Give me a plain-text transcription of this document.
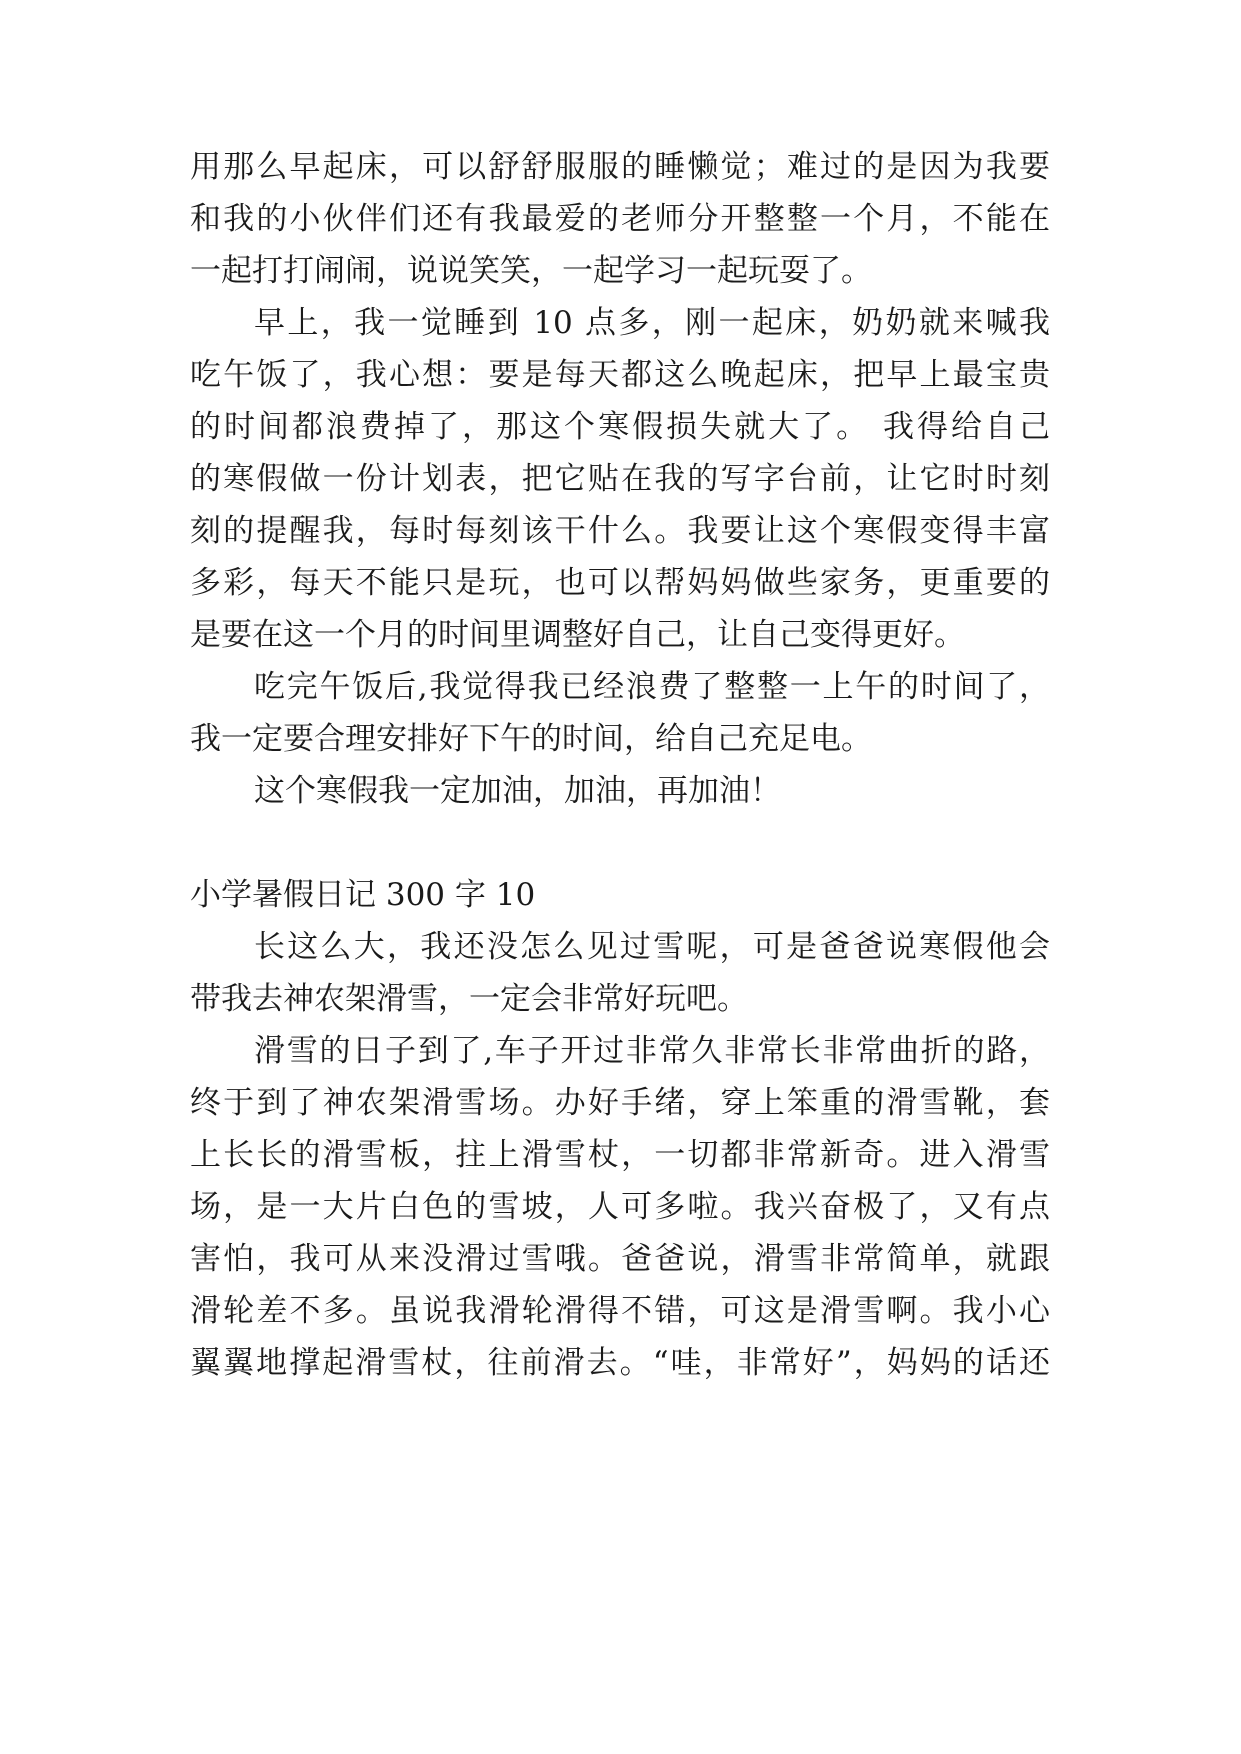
用那么早起床，可以舒舒服服的睡懒觉；难过的是因为我要
和我的小伙伴们还有我最爱的老师分开整整一个月，不能在
一起打打闹闹，说说笑笑，一起学习一起玩耍了。
早上，我一觉睡到 10 点多，刚一起床，奶奶就来喊我
吃午饭了，我心想：要是每天都这么晚起床，把早上最宝贵
的时间都浪费掉了，那这个寒假损失就大了。 我得给自己
的寒假做一份计划表，把它贴在我的写字台前，让它时时刻
刻的提醒我，每时每刻该干什么。我要让这个寒假变得丰富
多彩，每天不能只是玩，也可以帮妈妈做些家务，更重要的
是要在这一个月的时间里调整好自己，让自己变得更好。
吃完午饭后,我觉得我已经浪费了整整一上午的时间了，
我一定要合理安排好下午的时间，给自己充足电。
这个寒假我一定加油，加油，再加油！
小学暑假日记 300 字 10
长这么大，我还没怎么见过雪呢，可是爸爸说寒假他会
带我去神农架滑雪，一定会非常好玩吧。
滑雪的日子到了,车子开过非常久非常长非常曲折的路，
终于到了神农架滑雪场。办好手绪，穿上笨重的滑雪靴，套
上长长的滑雪板，拄上滑雪杖，一切都非常新奇。进入滑雪
场，是一大片白色的雪坡，人可多啦。我兴奋极了，又有点
害怕，我可从来没滑过雪哦。爸爸说，滑雪非常简单，就跟
滑轮差不多。虽说我滑轮滑得不错，可这是滑雪啊。我小心
翼翼地撑起滑雪杖，往前滑去。“哇，非常好”，妈妈的话还
